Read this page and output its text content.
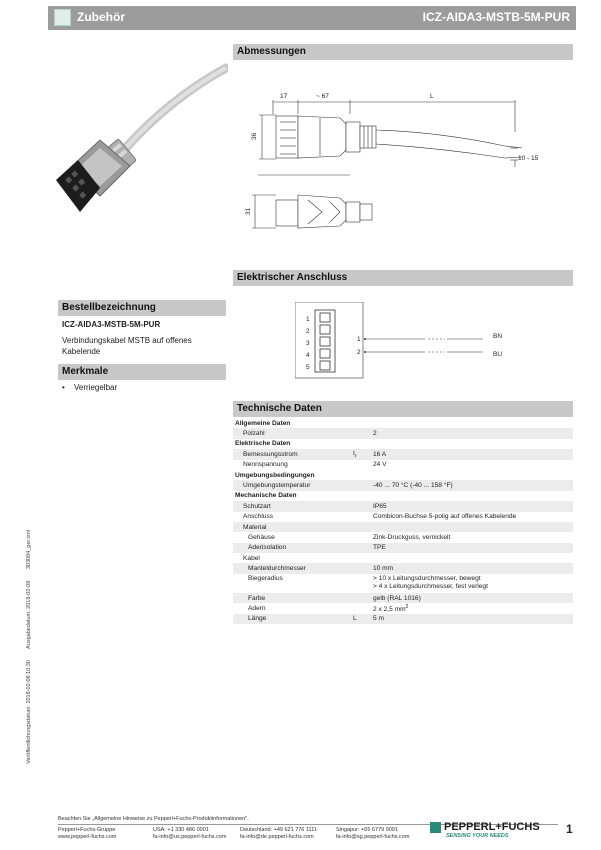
Zubehör	ICZ-AIDA3-MSTB-5M-PUR
Abmessungen
17	~ 67	L
36
10 - 15
31
Elektrischer Anschluss
1
2
3
4
5
1
2
BN
BU
Bestellbezeichnung
ICZ-AIDA3-MSTB-5M-PUR
Verbindungskabel MSTB auf offenes Kabelende
Merkmale
• Verriegelbar
Technische Daten
Allgemeine Daten		
Polzahl		2
Elektrische Daten		
Bemessungsstrom	$I_r$	16 A
Nennspannung		24 V
Umgebungsbedingungen		
Umgebungstemperatur		-40 ... 70 °C (-40 ... 158 °F)
Mechanische Daten		
Schutzart		IP65
Anschluss		Combicon-Buchse 5-polig auf offenes Kabelende
Material		
Gehäuse		Zink-Druckguss, vernickelt
Aderisolation		TPE
Kabel		
Manteldurchmesser		10 mm
Biegeradius		> 10 x Leitungsdurchmesser, bewegt
> 4 x Leitungsdurchmesser, fest verlegt

Farbe		gelb (RAL 1016)
Adern		2 x 2,5 $mm^2$
Länge	L	5 m
Veröffentlichungsdatum: 2018-02-08 10:30 Ausgabedatum: 2018-02-08 303084_ger.xml
Beachten Sie „Allgemeine Hinweise zu Pepperl+Fuchs-Produktinformationen".
Pepperl+Fuchs-Gruppe
www.pepperl-fuchs.com
USA: +1 330 486 0001
fa-info@us.pepperl-fuchs.com
Deutschland: +49 621 776 1111
fa-info@de.pepperl-fuchs.com
Singapur: +65 6779 9091
fa-info@sg.pepperl-fuchs.com
PEPPERL+FUCHS
SENSING YOUR NEEDS	1
